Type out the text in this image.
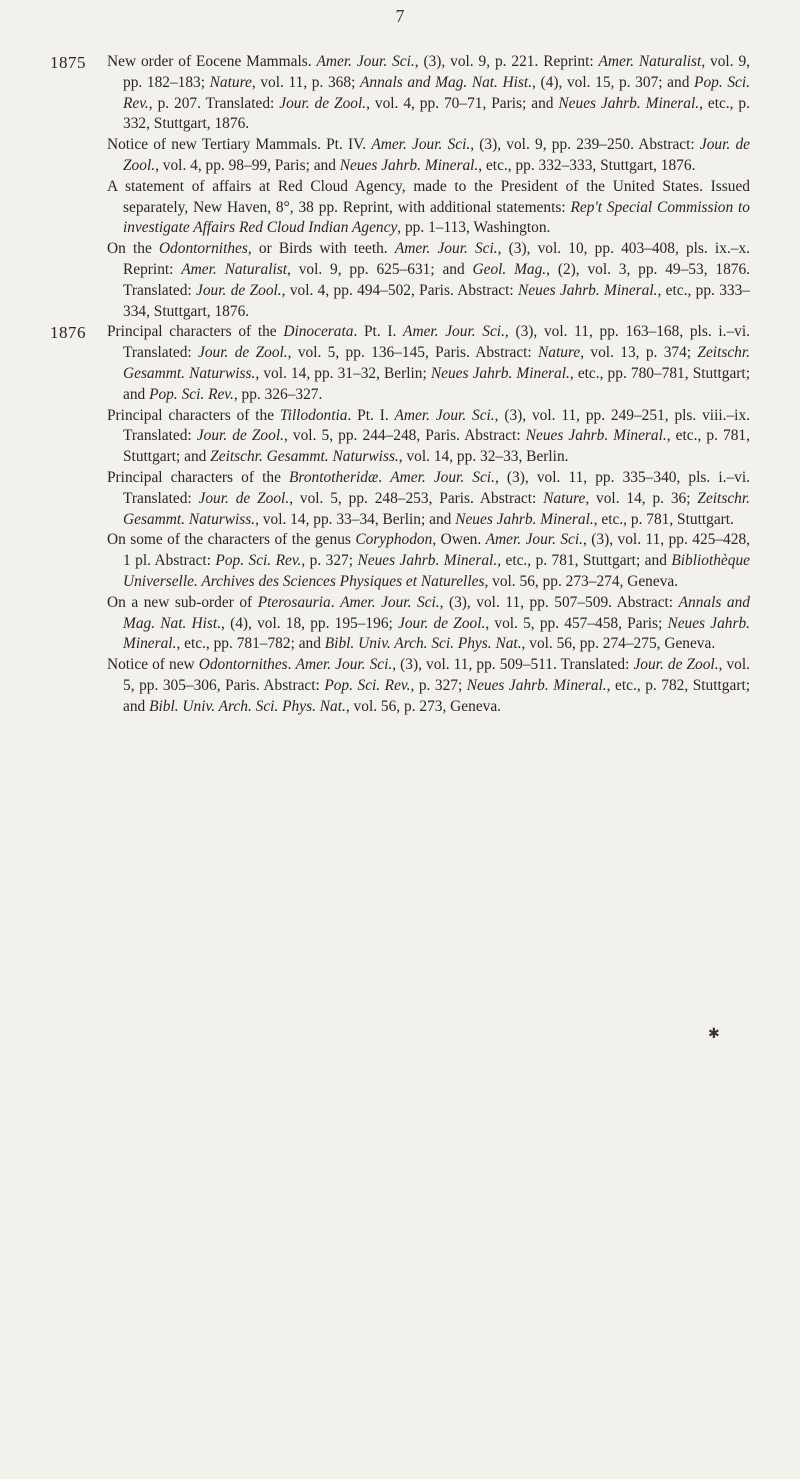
7
1875 New order of Eocene Mammals. Amer. Jour. Sci., (3), vol. 9, p. 221. Reprint: Amer. Naturalist, vol. 9, pp. 182–183; Nature, vol. 11, p. 368; Annals and Mag. Nat. Hist., (4), vol. 15, p. 307; and Pop. Sci. Rev., p. 207. Translated: Jour. de Zool., vol. 4, pp. 70–71, Paris; and Neues Jahrb. Mineral., etc., p. 332, Stuttgart, 1876.

Notice of new Tertiary Mammals. Pt. IV. Amer. Jour. Sci., (3), vol. 9, pp. 239–250. Abstract: Jour. de Zool., vol. 4, pp. 98–99, Paris; and Neues Jahrb. Mineral., etc., pp. 332–333, Stuttgart, 1876.

A statement of affairs at Red Cloud Agency, made to the President of the United States. Issued separately, New Haven, 8°, 38 pp. Reprint, with additional statements: Rep't Special Commission to investigate Affairs Red Cloud Indian Agency, pp. 1–113, Washington.

On the Odontornithes, or Birds with teeth. Amer. Jour. Sci., (3), vol. 10, pp. 403–408, pls. ix.–x. Reprint: Amer. Naturalist, vol. 9, pp. 625–631; and Geol. Mag., (2), vol. 3, pp. 49–53, 1876. Translated: Jour. de Zool., vol. 4, pp. 494–502, Paris. Abstract: Neues Jahrb. Mineral., etc., pp. 333–334, Stuttgart, 1876.

1876 Principal characters of the Dinocerata. Pt. I. Amer. Jour. Sci., (3), vol. 11, pp. 163–168, pls. i.–vi. Translated: Jour. de Zool., vol. 5, pp. 136–145, Paris. Abstract: Nature, vol. 13, p. 374; Zeitschr. Gesammt. Naturwiss., vol. 14, pp. 31–32, Berlin; Neues Jahrb. Mineral., etc., pp. 780–781, Stuttgart; and Pop. Sci. Rev., pp. 326–327.

Principal characters of the Tillodontia. Pt. I. Amer. Jour. Sci., (3), vol. 11, pp. 249–251, pls. viii.–ix. Translated: Jour. de Zool., vol. 5, pp. 244–248, Paris. Abstract: Neues Jahrb. Mineral., etc., p. 781, Stuttgart; and Zeitschr. Gesammt. Naturwiss., vol. 14, pp. 32–33, Berlin.

Principal characters of the Brontotheridæ. Amer. Jour. Sci., (3), vol. 11, pp. 335–340, pls. i.–vi. Translated: Jour. de Zool., vol. 5, pp. 248–253, Paris. Abstract: Nature, vol. 14, p. 36; Zeitschr. Gesammt. Naturwiss., vol. 14, pp. 33–34, Berlin; and Neues Jahrb. Mineral., etc., p. 781, Stuttgart.

On some of the characters of the genus Coryphodon, Owen. Amer. Jour. Sci., (3), vol. 11, pp. 425–428, 1 pl. Abstract: Pop. Sci. Rev., p. 327; Neues Jahrb. Mineral., etc., p. 781, Stuttgart; and Bibliothèque Universelle. Archives des Sciences Physiques et Naturelles, vol. 56, pp. 273–274, Geneva.

On a new sub-order of Pterosauria. Amer. Jour. Sci., (3), vol. 11, pp. 507–509. Abstract: Annals and Mag. Nat. Hist., (4), vol. 18, pp. 195–196; Jour. de Zool., vol. 5, pp. 457–458, Paris; Neues Jahrb. Mineral., etc., pp. 781–782; and Bibl. Univ. Arch. Sci. Phys. Nat., vol. 56, pp. 274–275, Geneva.

Notice of new Odontornithes. Amer. Jour. Sci., (3), vol. 11, pp. 509–511. Translated: Jour. de Zool., vol. 5, pp. 305–306, Paris. Abstract: Pop. Sci. Rev., p. 327; Neues Jahrb. Mineral., etc., p. 782, Stuttgart; and Bibl. Univ. Arch. Sci. Phys. Nat., vol. 56, p. 273, Geneva.

✱
